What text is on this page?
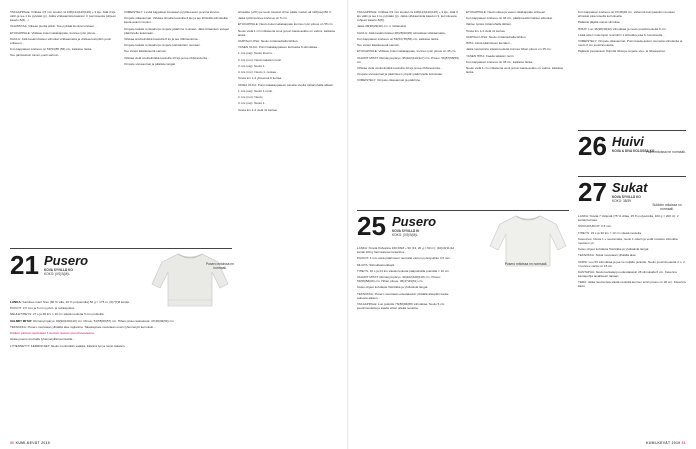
TAKAAPPALE: Virkkaa 4,5 mm koukul- la 108(114)120(126) + 3 kjs. Jätä 3 kjs välin ja tee 1 ks pylvääö (p). Jatka virkkaamista kaavion 3. kerroksesta (ohjeen kaavio 8(8)...)

VALMISTAA: Oikeaa puolta pitkin. Tee pylväät kuviota toistaen...

ETUKAPPALE: Virkkaa, kuten takakappale, kunnes työn pituus...

KAULA: Jätä keskimmäiset silmukat virkkaamatta ja virkkaa kumpikin puoli erikseen...

Kun kappaleen korkeus on 53(54)55 (56) cm, katkaise lanka.

Tee päinvastoin toinen puoli samoin.

VIIMEISTELY: Levitä kappaleet kosteaan pyyhkeeseen ja anna kuivua.

Ompele olkasaumat. Virkkaa ohuella koukulla 6 kjs ja tee kiinteillä silmukoilla kaula-aukon reunus...

Ompele kaitale rentoaksi ja ompele päärinne reunaan. Jätä rintaaukon sivujen päärinnelle kokonaan...

Virkkaa sivuhelmikkä koukulla 8 ks ja tee ribbineulonta...

Ompele kaitale rentoaksi ja ompele kainaloiden reunaan.

Tee toinen käänteisenä samoin.

Virkkaa vielä sivuhelmikkä koukulla 10 kjs ja tee ribbineulonta...

Ompele sivusaumat ja päättele langat.

silmukka (+KK) ja neulo toiseksi viime pääle merkin all 120(lus)150 3.

Jatka työtä kunnes korkeus on 5 cm.

ETUKAPPALE: Neulo kuten takakappale kunnes työn pituus on 55 cm.

Neulo vielä 1 cm mittaisena sivut ja kun kaula-aukko on valmis, katkaise lanka.

VARTALO-OSA: Neulo mittanauhalla lähtien.

YASEN OLKA: Poimi takakappaleen kulmasta 6 silmukkaa...

1. krs (oiq): Neulo kiverre...

2. krs (nur): Neulo takaisin nurin.

3. krs (oiq): Neulo 1.

4. krs (nur): Neulo 1, nostaa...

Toista krs 1-4 yhteensä 6 kertaa.

OIKEA OLKA: Poimi takakappaleen toiselta sivulta mittanuhalla alkaen.

1. krs (oiq): Neulo 1 nurin.

2. krs (nur): Neulo.

3. krs (oiq): Neulo 1.

Toista krs 1-4 vielä 11 kertaa.

21 Pusero
KOVA SYVILLÄ KO
KOKO: (XS)S(M)L
Pusero mitoissa nn normaali.

LANKA: Sandnes Garn Sisu (80 % villa, 20 % polyamidia) 50 g = 175 m, (6)7(7)8 kerää.

PUIKOT: 3,5 mm ja 5 mm pyörö- ja sukkapuikot.

NEULETIHEYS: 27 s ja 38 krs = 10 cm sileää neuletta 5 mm puikoilla.

VALMIIT MITAT: Rinnanympärys: 80(90)100(110) cm. Pituus: 54(55)56(57) cm. Hihan pituus kainalosta: 47(48)49(50) cm.

TEKNIIKKA: Pusero neulotaan ylhäältä alas raglanina. Takakappale neulotaan ensin lyhennetyin kerroksin...

Kaiken pinnan neulotaan 1 kerran reunan joustinneuleena.

Aloita pusero luomalla lyhennetyillä kerroksilla...

LYHENNETYT KERROKSET: Neulo merkintään saakka, käännä työ ja neulo takaisin.

TAKAAPPALE: Virkkaa 4,5 mm koukul- la 108(114)120(126) + 3 kjs. Jätä 3 kjs välin ja tee 1 ks pylvääö (p). Jatka virkkaamista kaavion 3. kerroksesta (ohjeen kaavio 8(8)).

Jatka 38(38)39(40) cm: n mittaiseksi.

KAULA: Jätä keskimmäiset 28(28)30(30) silmukkaa virkkaamatta...

Kun kappaleen korkeus on 53(54) 55(56) cm, katkaise lanka.

Tee toinen käänteisenä samoin.

ETUKAPPALE: Virkkaa, kuten takakappale, kunnes työn pituus on 45 cm.

VALMIIT MITAT: Rinnanympärys: 95(102)110(117) cm. Pituus: 56(57)58(59) cm.

Virkkaa vielä sivuhelmikkä koukulla 10 kjs ja tee ribbineulonta...

Ompele sivusaumat ja päärinteen ympäri päärinnelle kokonaan.

VIIMEISTELY: Ompele olkasaumat ja päärinne.

25 Pusero
KOVA SYVILLÄ KI
KOKO: (XS)S(M)L
Pusero mitoissa nn normaali.

LANKA: Novita Kidvanna 100 PAM + 50 (13, 20 g = 60 m): (10)10(11)12 kerää 100 g harmaaresenoraarima...

PUIKOT: 4 mm sekä päärinteen reunoille varren pyöröpuikko 3,5 mm.

MUUTA: Silmukkamerkkejä.

TIHEYS: 16 s ja 23 krs sileää neuletta pääpuikoilla puikoilla = 10 cm.

VALMIIT MITAT: Rinnanympärys: 90(102)108(118) cm. Pituus: 54(56)58(60) cm. Hihan pituus: 45(47)49(51) cm.

Katso ohjeet kohdasta Tekniikka ja yhdistävät langat.

TEKNIIKKA: Pusero neulotaan edestakaisin ylhäältä alaspäin kaula-aukosta alkaen...

TAKAAPPALE: Luo puikolle 76(80)84(88) silmukkaa. Neulo 5 cm joustinneuletta ja kaada sitten sileää neuletta.

ETUKAPPALE: Neulo oikea ja vasen olkakappale erikseen.

Kun kappaleen korkeus on 48 cm, päätä keskimmäiset silmukat.

Valitse työsta mittanuhalla lähtien.

Toista krs 1-4 vielä 11 kertaa.

VARTALO-OSA: Neulo mittanauhalla lähtien.

HIHA: Aloita käänteisen kiertäen...

Jatka neulomista sileää neuletta kunnes hihan pituus on 45 cm.

YASEN HIHA: Kaada takaisin nurin.

Kun kappaleen korkeus on 48 cm, katkaise lanka.

Neulo vielä 1 cm mittaisena sivut ja kun kaula-aukko on valmis, katkaise lanka.

Kun kappaleen korkeus on 47(48)49 cm, vähennä kumpaankin reunaan silmukat joka toisella kerroksella.

Päättele jäljellä olevat silmukat.

HIHAT: Luo 36(38)40(42) silmukkaa ja neulo joustinneuletta 6 cm.

Lisää sitten molempiin reunoihin 1 silmukka joka 6. kerroksella...

VIIMEISTELY: Ompele olkasaumat. Poimi kaula-aukon reunasta silmukoita ja neulo 2 cm joustinneuletta.

Päättele joustavasti. Kiinnitä hihat ja ompele sivu- ja hihasaumat.

26 Huivi
KOVA & DIVA KOLOSSA KO
Huivi mitoissa nn normaali.
27 Sukat
KOVA SYVILLÄ KO
KOKO: 38/39
Sukkien mitoissa nn normaali.

LANKA: Novita 7 Veljestä (75 % villaa, 25 % polyamidia, 100 g = 200 m): 2 kerää harmaa.

SUKKAPUIKOT: 3,5 mm.

TIHEYS: 23 s ja 30 krs = 10 cm sileää neuletta.

Kavennus: Nosta 1 s neulomatta, neulo 1 oikein ja vedä nostettu silmukka neulotun yli.

Katso ohjeet kohdasta Tekniikka ja yhdistävät langat.

TEKNIIKKA: Sukat neulotaan ylhäältä alas.

VARSI: Luo 56 silmukkaa ja jaa ne neljälle puikolle. Neulo joustinneuletta 2 o, 2 n kunnes vartta on 15 cm.

KANTAPÄÄ: Neulo kantalappu edestakaisin 28 silmukalla 6 cm. Kavenna kantapohja tavalliseen tapaan.

TERÄ: Jatka neulomista sileää neuletta kunnes terän pituus on 20 cm. Kavenna kärki.

50 KUMI-KEVÄT 2019	KUMI-KEVÄT 2019 51
